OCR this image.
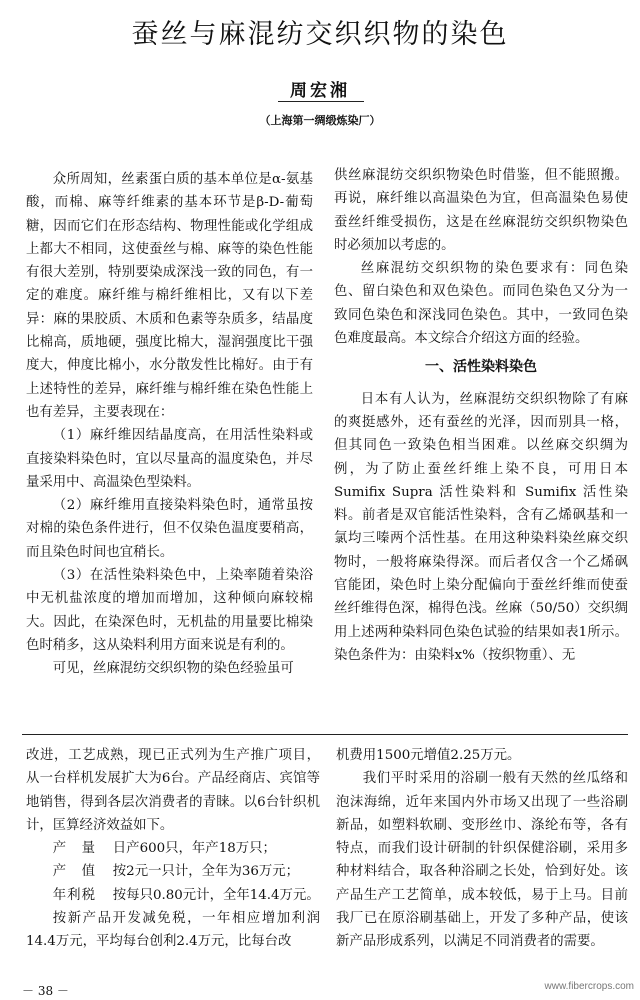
蚕丝与麻混纺交织织物的染色
周宏湘
（上海第一绸缎炼染厂）

众所周知，丝素蛋白质的基本单位是α-氨基酸，而棉、麻等纤维素的基本环节是β-D-葡萄糖，因而它们在形态结构、物理性能或化学组成上都大不相同，这使蚕丝与棉、麻等的染色性能有很大差别，特别要染成深浅一致的同色，有一定的难度。麻纤维与棉纤维相比，又有以下差异：麻的果胶质、木质和色素等杂质多，结晶度比棉高，质地硬，强度比棉大，湿润强度比干强度大，伸度比棉小，水分散发性比棉好。由于有上述特性的差异，麻纤维与棉纤维在染色性能上也有差异，主要表现在：

（1）麻纤维因结晶度高，在用活性染料或直接染料染色时，宜以尽量高的温度染色，并尽量采用中、高温染色型染料。

（2）麻纤维用直接染料染色时，通常虽按对棉的染色条件进行，但不仅染色温度要稍高，而且染色时间也宜稍长。

（3）在活性染料染色中，上染率随着染浴中无机盐浓度的增加而增加，这种倾向麻较棉大。因此，在染深色时，无机盐的用量要比棉染色时稍多，这从染料利用方面来说是有利的。

可见，丝麻混纺交织织物的染色经验虽可

供丝麻混纺交织织物染色时借鉴，但不能照搬。再说，麻纤维以高温染色为宜，但高温染色易使蚕丝纤维受损伤，这是在丝麻混纺交织织物染色时必须加以考虑的。

丝麻混纺交织织物的染色要求有：同色染色、留白染色和双色染色。而同色染色又分为一致同色染色和深浅同色染色。其中，一致同色染色难度最高。本文综合介绍这方面的经验。

一、活性染料染色

日本有人认为，丝麻混纺交织织物除了有麻的爽挺感外，还有蚕丝的光泽，因而别具一格，但其同色一致染色相当困难。以丝麻交织绸为例，为了防止蚕丝纤维上染不良，可用日本Sumifix Supra 活性染料和 Sumifix 活性染料。前者是双官能活性染料，含有乙烯砜基和一氯均三嗪两个活性基。在用这种染料染丝麻交织物时，一般将麻染得深。而后者仅含一个乙烯砜官能团，染色时上染分配偏向于蚕丝纤维而使蚕丝纤维得色深，棉得色浅。丝麻（50/50）交织绸用上述两种染料同色染色试验的结果如表1所示。染色条件为：由染料x%（按织物重）、无

改进，工艺成熟，现已正式列为生产推广项目，从一台样机发展扩大为6台。产品经商店、宾馆等地销售，得到各层次消费者的青睐。以6台针织机计，匡算经济效益如下。

产　量	日产600只，年产18万只；
产　值	按2元一只计，全年为36万元；
年利税	按每只0.80元计，全年14.4万元。

按新产品开发减免税，一年相应增加利润14.4万元，平均每台创利2.4万元，比每台改

机费用1500元增值2.25万元。

我们平时采用的浴刷一般有天然的丝瓜络和泡沫海绵，近年来国内外市场又出现了一些浴刷新品，如塑料软刷、变形丝巾、涤纶布等，各有特点，而我们设计研制的针织保健浴刷，采用多种材料结合，取各种浴刷之长处，恰到好处。该产品生产工艺简单，成本较低，易于上马。目前我厂已在原浴刷基础上，开发了多种产品，使该新产品形成系列，以满足不同消费者的需要。

－ 38 －	www.fibercrops.com
